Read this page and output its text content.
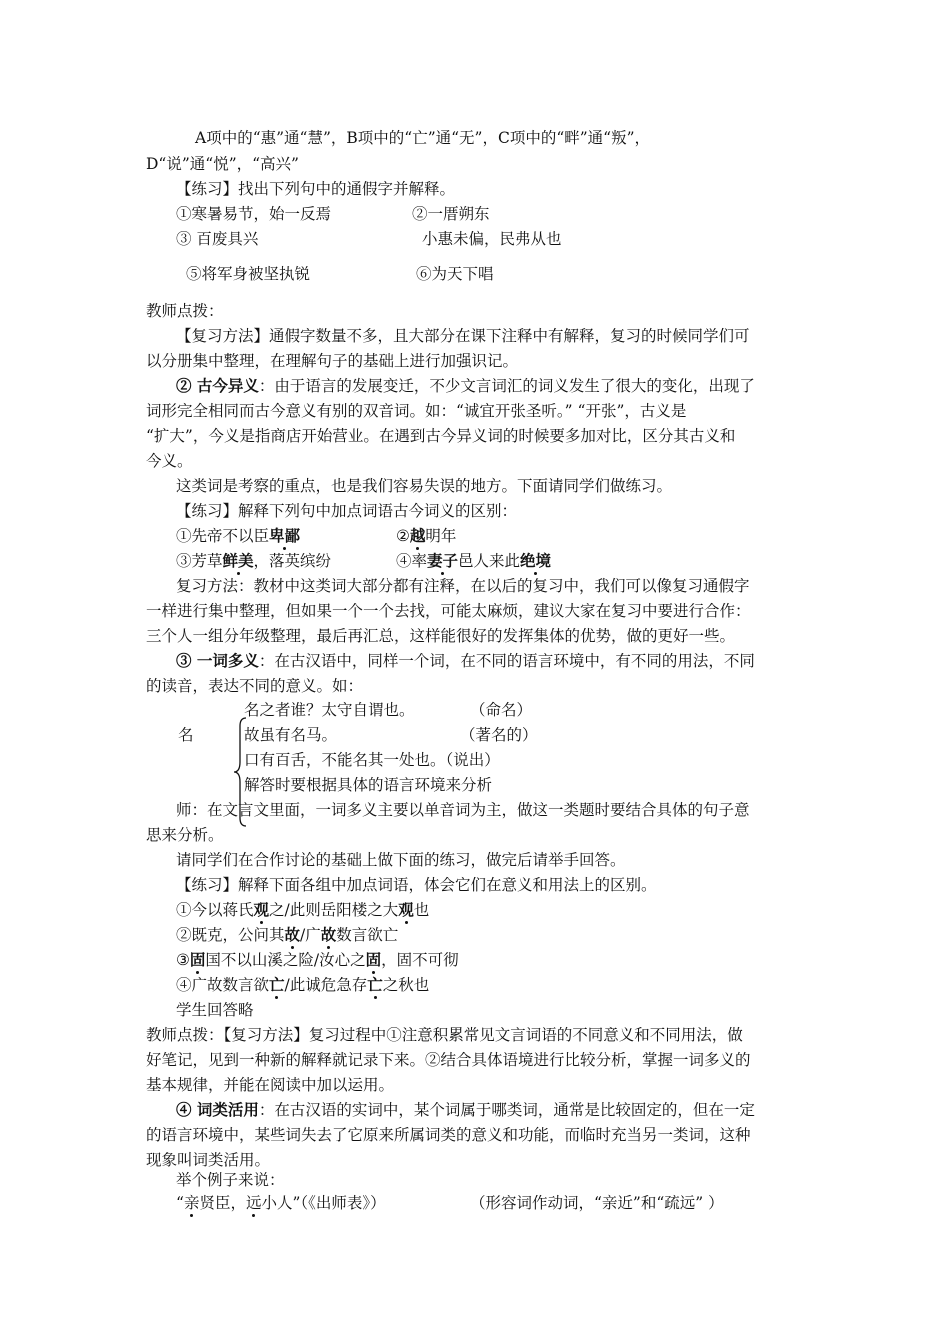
A项中的“惠”通“慧”，B项中的“亡”通“无”，C项中的“畔”通“叛”，
D“说”通“悦”，“高兴”
【练习】找出下列句中的通假字并解释。
①寒暑易节，始一反焉	②一厝朔东
③ 百废具兴	小惠未偏，民弗从也
⑤将军身被坚执锐	⑥为天下唱
教师点拨：
【复习方法】通假字数量不多，且大部分在课下注释中有解释，复习的时候同学们可
以分册集中整理，在理解句子的基础上进行加强识记。
② 古今异义：由于语言的发展变迁，不少文言词汇的词义发生了很大的变化，出现了
词形完全相同而古今意义有别的双音词。如：“诚宜开张圣听。” “开张”，古义是
“扩大”，今义是指商店开始营业。在遇到古今异义词的时候要多加对比，区分其古义和
今义。
这类词是考察的重点，也是我们容易失误的地方。下面请同学们做练习。
【练习】解释下列句中加点词语古今词义的区别：
①先帝不以臣卑鄙	②越明年
③芳草鲜美，落英缤纷	④率妻子邑人来此绝境
复习方法：教材中这类词大部分都有注释，在以后的复习中，我们可以像复习通假字
一样进行集中整理，但如果一个一个去找，可能太麻烦，建议大家在复习中要进行合作：
三个人一组分年级整理，最后再汇总，这样能很好的发挥集体的优势，做的更好一些。
③ 一词多义：在古汉语中，同样一个词，在不同的语言环境中，有不同的用法，不同
的读音，表达不同的意义。如：
名之者谁？太守自谓也。	（命名）
名	故虽有名马。	（著名的）
口有百舌，不能名其一处也。（说出）
解答时要根据具体的语言环境来分析
师：在文言文里面，一词多义主要以单音词为主，做这一类题时要结合具体的句子意
思来分析。
请同学们在合作讨论的基础上做下面的练习，做完后请举手回答。
【练习】解释下面各组中加点词语，体会它们在意义和用法上的区别。
①今以蒋氏观之/此则岳阳楼之大观也
②既克，公问其故/广故数言欲亡
③固国不以山溪之险/汝心之固，固不可彻
④广故数言欲亡/此诚危急存亡之秋也
学生回答略
教师点拨：【复习方法】复习过程中①注意积累常见文言词语的不同意义和不同用法，做
好笔记，见到一种新的解释就记录下来。②结合具体语境进行比较分析，掌握一词多义的
基本规律，并能在阅读中加以运用。
④ 词类活用：在古汉语的实词中，某个词属于哪类词，通常是比较固定的，但在一定
的语言环境中，某些词失去了它原来所属词类的意义和功能，而临时充当另一类词，这种
现象叫词类活用。
举个例子来说：
“亲贤臣，远小人”（《出师表》）	（形容词作动词，“亲近”和“疏远” ）
